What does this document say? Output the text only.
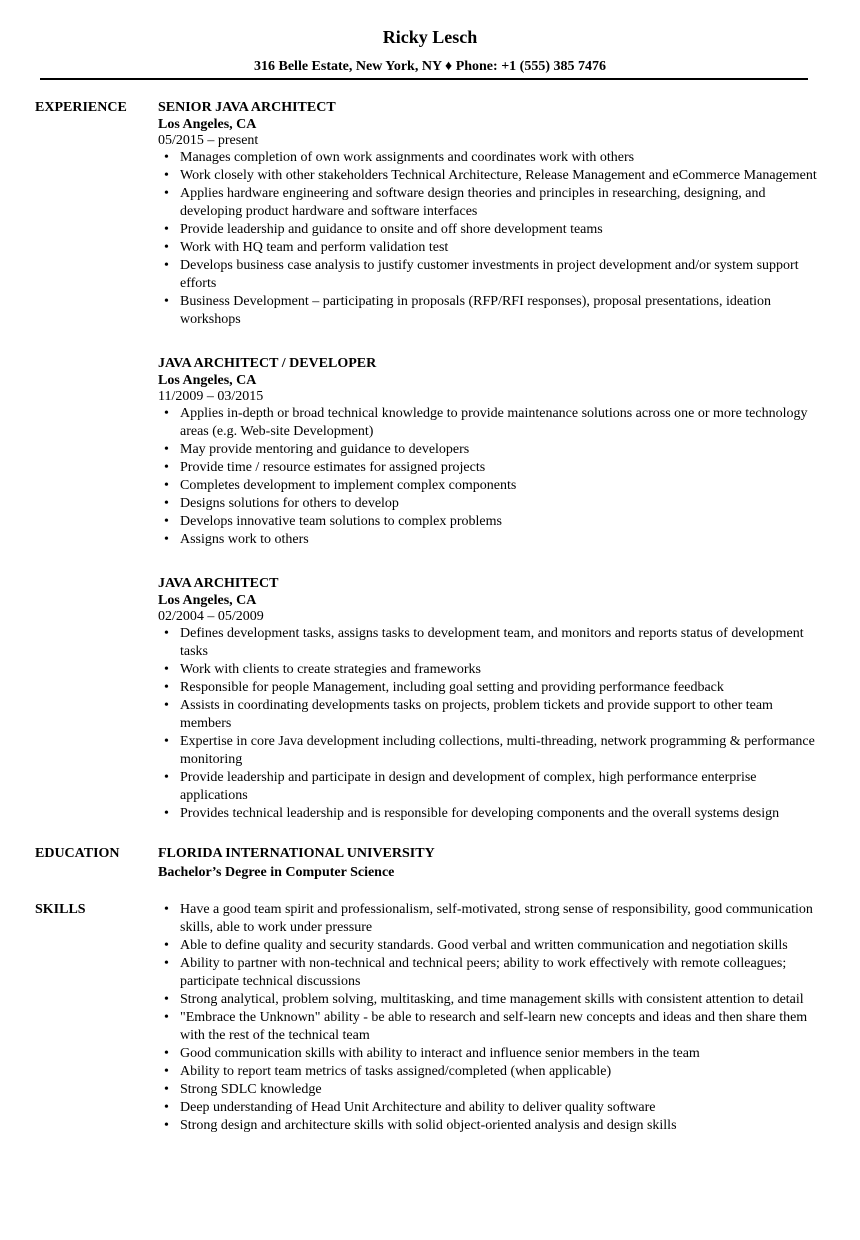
Ricky Lesch
316 Belle Estate, New York, NY ♦ Phone: +1 (555) 385 7476
EXPERIENCE SENIOR JAVA ARCHITECT
Los Angeles, CA
05/2015 – present
• Manages completion of own work assignments and coordinates work with others
• Work closely with other stakeholders Technical Architecture, Release Management and eCommerce Management
• Applies hardware engineering and software design theories and principles in researching, designing, and developing product hardware and software interfaces
• Provide leadership and guidance to onsite and off shore development teams
• Work with HQ team and perform validation test
• Develops business case analysis to justify customer investments in project development and/or system support efforts
• Business Development – participating in proposals (RFP/RFI responses), proposal presentations, ideation workshops
JAVA ARCHITECT / DEVELOPER
Los Angeles, CA
11/2009 – 03/2015
• Applies in-depth or broad technical knowledge to provide maintenance solutions across one or more technology areas (e.g. Web-site Development)
• May provide mentoring and guidance to developers
• Provide time / resource estimates for assigned projects
• Completes development to implement complex components
• Designs solutions for others to develop
• Develops innovative team solutions to complex problems
• Assigns work to others
JAVA ARCHITECT
Los Angeles, CA
02/2004 – 05/2009
• Defines development tasks, assigns tasks to development team, and monitors and reports status of development tasks
• Work with clients to create strategies and frameworks
• Responsible for people Management, including goal setting and providing performance feedback
• Assists in coordinating developments tasks on projects, problem tickets and provide support to other team members
• Expertise in core Java development including collections, multi-threading, network programming & performance monitoring
• Provide leadership and participate in design and development of complex, high performance enterprise applications
• Provides technical leadership and is responsible for developing components and the overall systems design
EDUCATION	FLORIDA INTERNATIONAL UNIVERSITY
Bachelor’s Degree in Computer Science
SKILLS
•	Have a good team spirit and professionalism, self-motivated, strong sense of responsibility, good communication skills, able to work under pressure
• Able to define quality and security standards. Good verbal and written communication and negotiation skills
• Ability to partner with non-technical and technical peers; ability to work effectively with remote colleagues; participate technical discussions
• Strong analytical, problem solving, multitasking, and time management skills with consistent attention to detail
• "Embrace the Unknown" ability - be able to research and self-learn new concepts and ideas and then share them with the rest of the technical team
• Good communication skills with ability to interact and influence senior members in the team
• Ability to report team metrics of tasks assigned/completed (when applicable)
• Strong SDLC knowledge
• Deep understanding of Head Unit Architecture and ability to deliver quality software
• Strong design and architecture skills with solid object-oriented analysis and design skills
